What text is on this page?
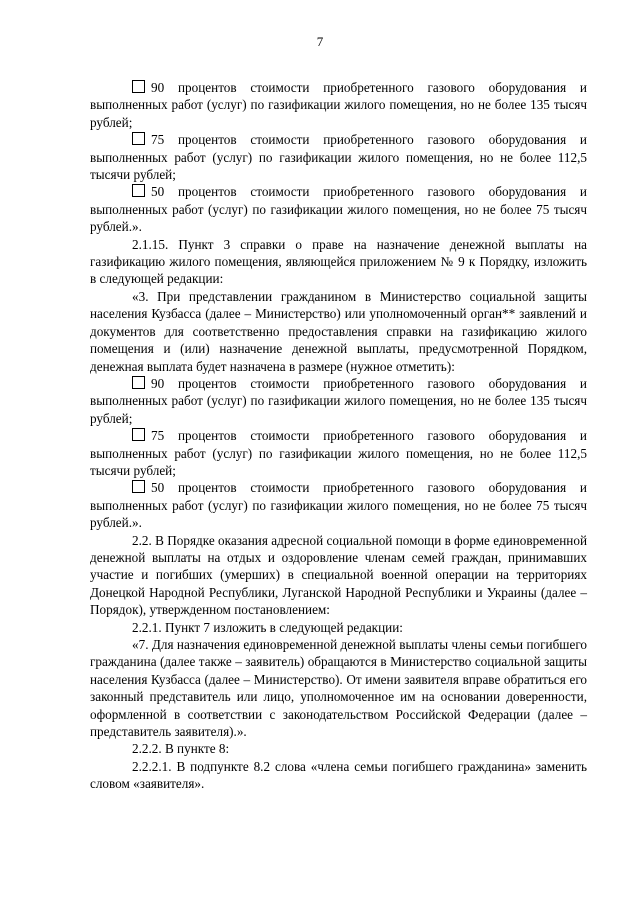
7

90 процентов стоимости приобретенного газового оборудования и выполненных работ (услуг) по газификации жилого помещения, но не более 135 тысяч рублей;

75 процентов стоимости приобретенного газового оборудования и выполненных работ (услуг) по газификации жилого помещения, но не более 112,5 тысячи рублей;

50 процентов стоимости приобретенного газового оборудования и выполненных работ (услуг) по газификации жилого помещения, но не более 75 тысяч рублей.».

2.1.15. Пункт 3 справки о праве на назначение денежной выплаты на газификацию жилого помещения, являющейся приложением № 9 к Порядку, изложить в следующей редакции:

«3. При представлении гражданином в Министерство социальной защиты населения Кузбасса (далее – Министерство) или уполномоченный орган** заявлений и документов для соответственно предоставления справки на газификацию жилого помещения и (или) назначение денежной выплаты, предусмотренной Порядком, денежная выплата будет назначена в размере (нужное отметить):

90 процентов стоимости приобретенного газового оборудования и выполненных работ (услуг) по газификации жилого помещения, но не более 135 тысяч рублей;

75 процентов стоимости приобретенного газового оборудования и выполненных работ (услуг) по газификации жилого помещения, но не более 112,5 тысячи рублей;

50 процентов стоимости приобретенного газового оборудования и выполненных работ (услуг) по газификации жилого помещения, но не более 75 тысяч рублей.».

2.2. В Порядке оказания адресной социальной помощи в форме единовременной денежной выплаты на отдых и оздоровление членам семей граждан, принимавших участие и погибших (умерших) в специальной военной операции на территориях Донецкой Народной Республики, Луганской Народной Республики и Украины (далее – Порядок), утвержденном постановлением:

2.2.1. Пункт 7 изложить в следующей редакции:

«7. Для назначения единовременной денежной выплаты члены семьи погибшего гражданина (далее также – заявитель) обращаются в Министерство социальной защиты населения Кузбасса (далее – Министерство). От имени заявителя вправе обратиться его законный представитель или лицо, уполномоченное им на основании доверенности, оформленной в соответствии с законодательством Российской Федерации (далее – представитель заявителя).».

2.2.2. В пункте 8:

2.2.2.1. В подпункте 8.2 слова «члена семьи погибшего гражданина» заменить словом «заявителя».
